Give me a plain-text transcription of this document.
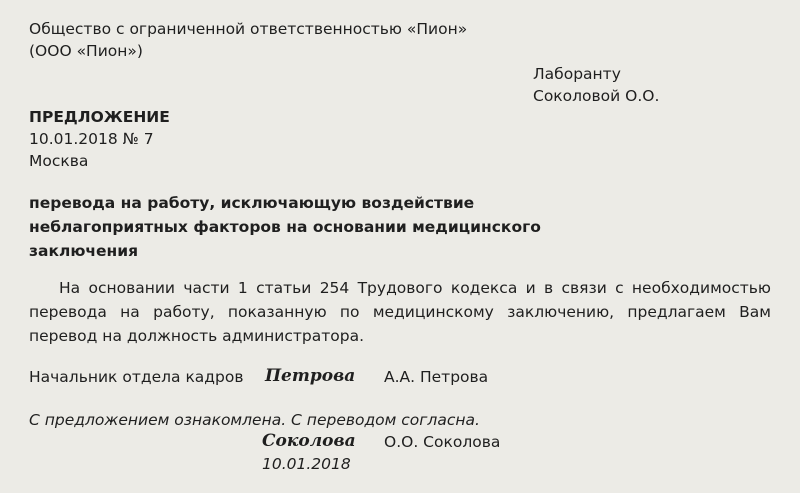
Общество с ограниченной ответственностью «Пион»
(ООО «Пион»)
Лаборанту
Соколовой О.О.
ПРЕДЛОЖЕНИЕ
10.01.2018 № 7
Москва
перевода на работу, исключающую воздействие неблагоприятных факторов на основании медицинского заключения
На основании части 1 статьи 254 Трудового кодекса и в связи с необходимостью перевода на работу, показанную по медицинскому заключению, предлагаем Вам перевод на должность администратора.
Начальник отдела кадров Петрова А.А. Петрова
С предложением ознакомлена. С переводом согласна.
Соколова О.О. Соколова
10.01.2018
